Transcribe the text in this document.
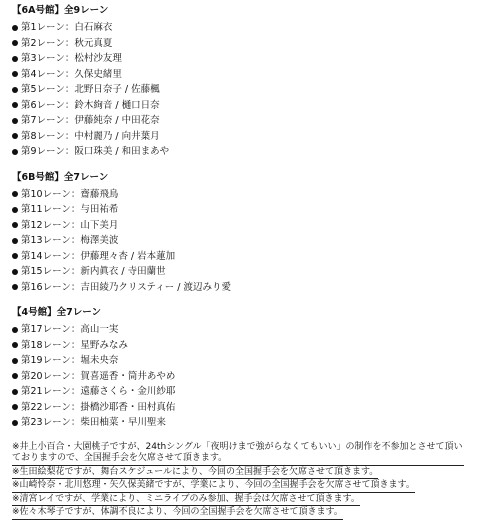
【6A号館】全9レーン
第1レーン：白石麻衣
第2レーン：秋元真夏
第3レーン：松村沙友理
第4レーン：久保史緒里
第5レーン：北野日奈子 / 佐藤楓
第6レーン：鈴木絢音 / 樋口日奈
第7レーン：伊藤純奈 / 中田花奈
第8レーン：中村麗乃 / 向井葉月
第9レーン：阪口珠美 / 和田まあや
【6B号館】全7レーン
第10レーン：齋藤飛鳥
第11レーン：与田祐希
第12レーン：山下美月
第13レーン：梅澤美波
第14レーン：伊藤理々杏 / 岩本蓮加
第15レーン：新内眞衣 / 寺田蘭世
第16レーン：吉田綾乃クリスティー / 渡辺みり愛
【4号館】全7レーン
第17レーン：高山一実
第18レーン：星野みなみ
第19レーン：堀未央奈
第20レーン：賀喜遥香・筒井あやめ
第21レーン：遠藤さくら・金川紗耶
第22レーン：掛橋沙耶香・田村真佑
第23レーン：柴田柚菜・早川聖来
※井上小百合・大園桃子ですが、24thシングル「夜明けまで強がらなくてもいい」の制作を不参加とさせて頂いておりますので、全国握手会を欠席させて頂きます。
※生田絵梨花ですが、舞台スケジュールにより、今回の全国握手会を欠席させて頂きます。
※山崎怜奈・北川悠理・矢久保美緒ですが、学業により、今回の全国握手会を欠席させて頂きます。
※清宮レイですが、学業により、ミニライブのみ参加、握手会は欠席させて頂きます。
※佐々木琴子ですが、体調不良により、今回の全国握手会を欠席させて頂きます。
